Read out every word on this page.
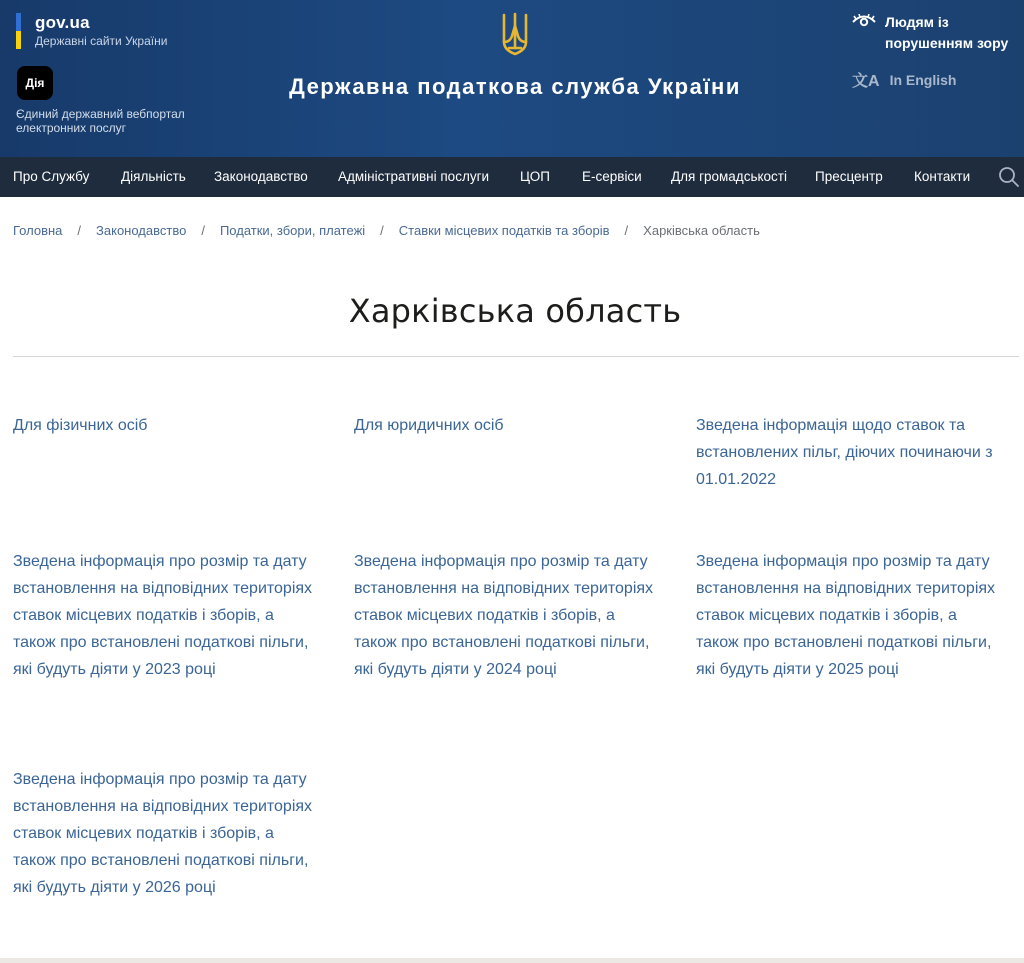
gov.ua
Державні сайти України
Дія
Єдиний державний вебпортал електронних послуг
Державна податкова служба України
Людям із порушенням зору
文A In English
Про Службу Діяльність Законодавство Адміністративні послуги ЦОП Е-сервіси Для громадськості Пресцентр Контакти
Головна / Законодавство / Податки, збори, платежі / Ставки місцевих податків та зборів / Харківська область
Харківська область
Для фізичних осіб	Для юридичних осіб	Зведена інформація щодо ставок та встановлених пільг, діючих починаючи з 01.01.2022
Зведена інформація про розмір та дату встановлення на відповідних територіях ставок місцевих податків і зборів, а також про встановлені податкові пільги, які будуть діяти у 2023 році
Зведена інформація про розмір та дату встановлення на відповідних територіях ставок місцевих податків і зборів, а також про встановлені податкові пільги, які будуть діяти у 2024 році
Зведена інформація про розмір та дату встановлення на відповідних територіях ставок місцевих податків і зборів, а також про встановлені податкові пільги, які будуть діяти у 2025 році
Зведена інформація про розмір та дату встановлення на відповідних територіях ставок місцевих податків і зборів, а також про встановлені податкові пільги, які будуть діяти у 2026 році
